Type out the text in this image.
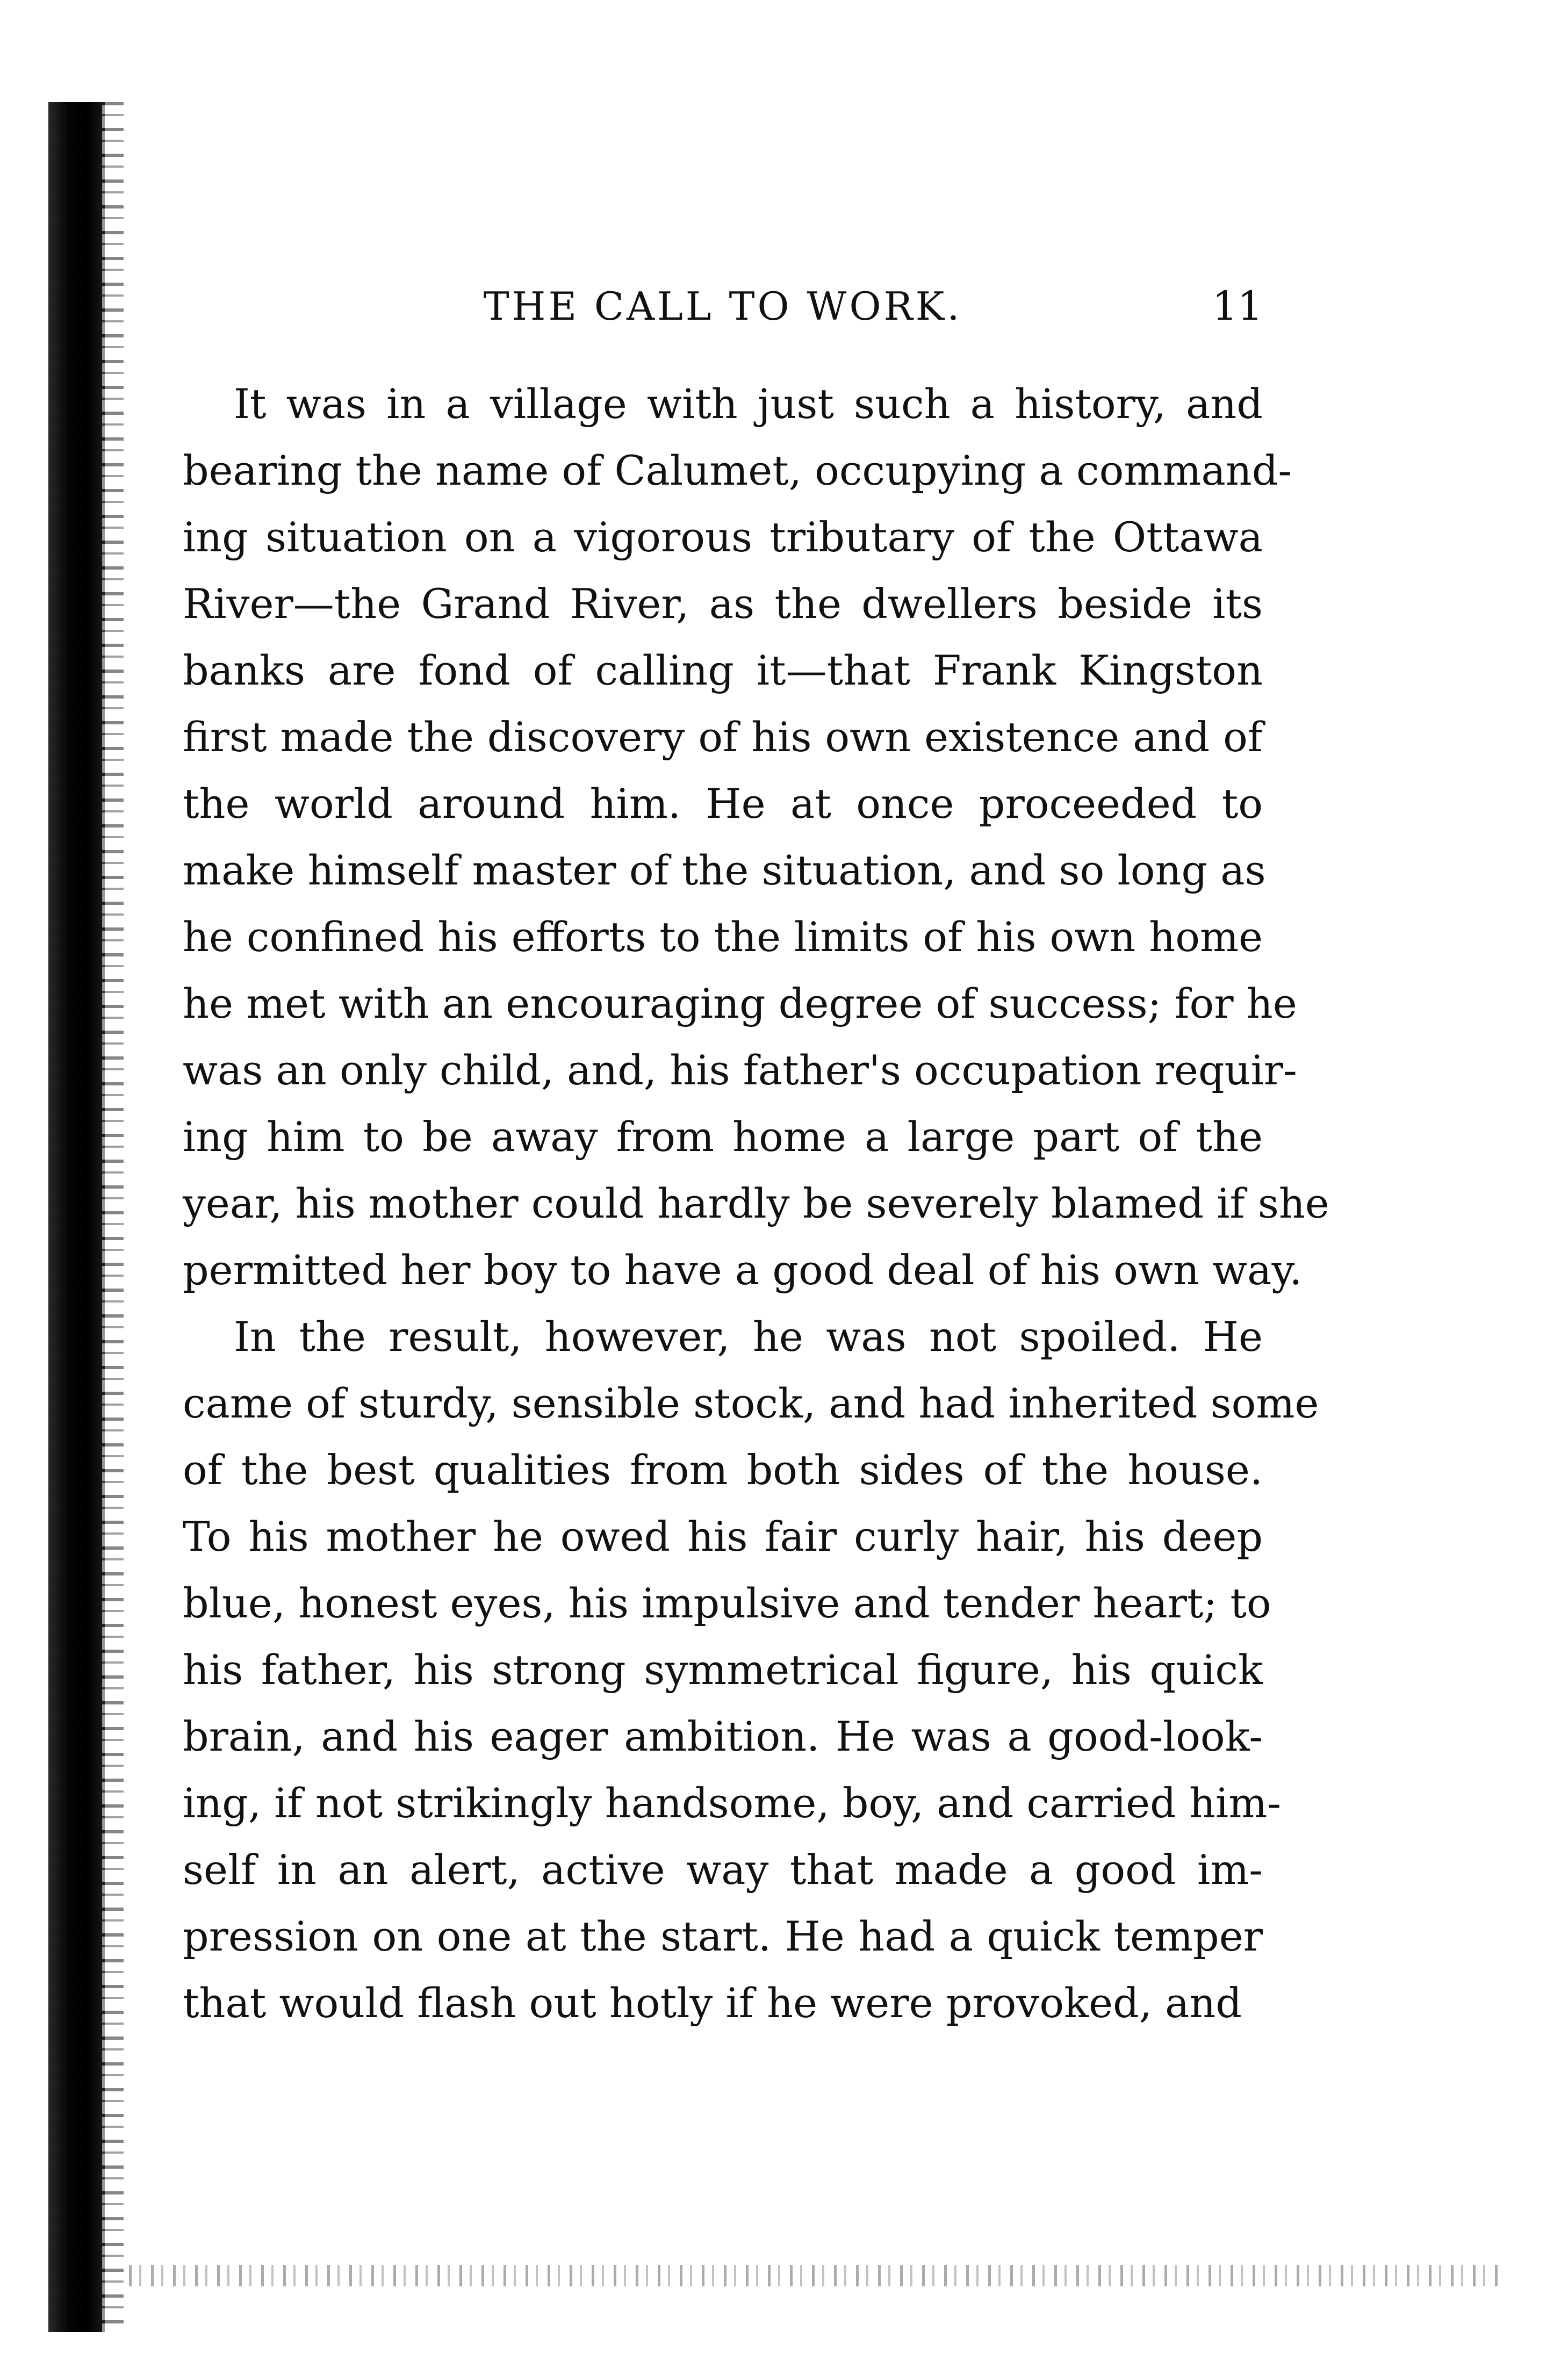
THE CALL TO WORK.	11
It was in a village with just such a history, and
bearing the name of Calumet, occupying a command-
ing situation on a vigorous tributary of the Ottawa
River—the Grand River, as the dwellers beside its
banks are fond of calling it—that Frank Kingston
first made the discovery of his own existence and of
the world around him. He at once proceeded to
make himself master of the situation, and so long as
he confined his efforts to the limits of his own home
he met with an encouraging degree of success; for he
was an only child, and, his father's occupation requir-
ing him to be away from home a large part of the
year, his mother could hardly be severely blamed if she
permitted her boy to have a good deal of his own way.
In the result, however, he was not spoiled. He
came of sturdy, sensible stock, and had inherited some
of the best qualities from both sides of the house.
To his mother he owed his fair curly hair, his deep
blue, honest eyes, his impulsive and tender heart; to
his father, his strong symmetrical figure, his quick
brain, and his eager ambition. He was a good-look-
ing, if not strikingly handsome, boy, and carried him-
self in an alert, active way that made a good im-
pression on one at the start. He had a quick temper
that would flash out hotly if he were provoked, and
